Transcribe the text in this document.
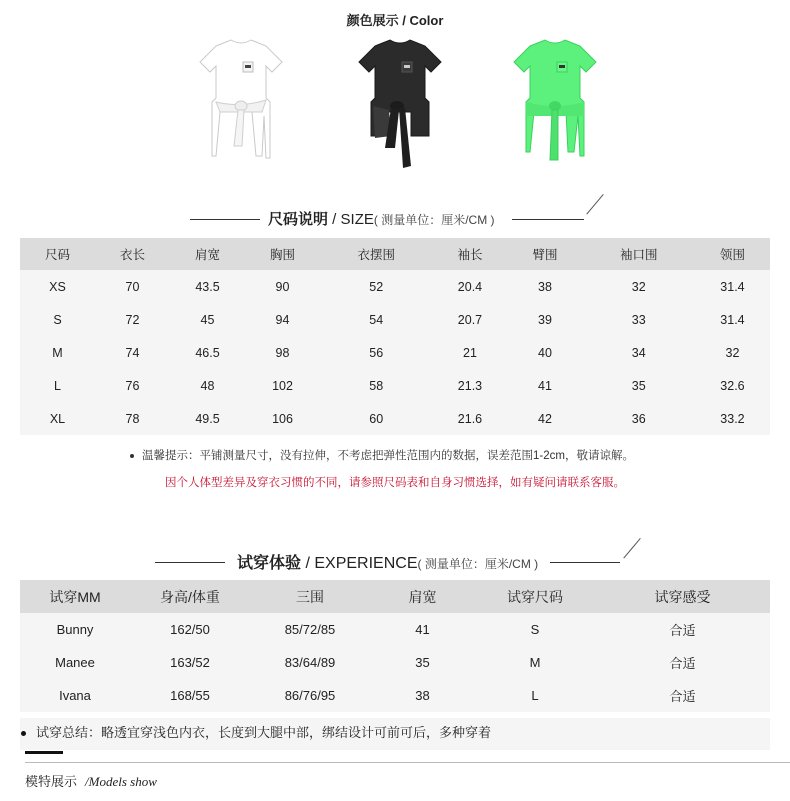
颜色展示 / Color
尺码说明 / SIZE( 测量单位：厘米/CM )
尺码	衣长	肩宽	胸围	衣摆围	袖长	臂围	袖口围	领围
XS	70	43.5	90	52	20.4	38	32	31.4
S	72	45	94	54	20.7	39	33	31.4
M	74	46.5	98	56	21	40	34	32
L	76	48	102	58	21.3	41	35	32.6
XL	78	49.5	106	60	21.6	42	36	33.2
温馨提示：平铺测量尺寸，没有拉伸，不考虑把弹性范围内的数据，误差范围1-2cm，敬请谅解。
因个人体型差异及穿衣习惯的不同，请参照尺码表和自身习惯选择，如有疑问请联系客服。
试穿体验 / EXPERIENCE( 测量单位：厘米/CM )
试穿MM	身高/体重	三围	肩宽	试穿尺码	试穿感受
Bunny	162/50	85/72/85	41	S	合适
Manee	163/52	83/64/89	35	M	合适
Ivana	168/55	86/76/95	38	L	合适
试穿总结：略透宜穿浅色内衣，长度到大腿中部，绑结设计可前可后，多种穿着
模特展示 /Models show
